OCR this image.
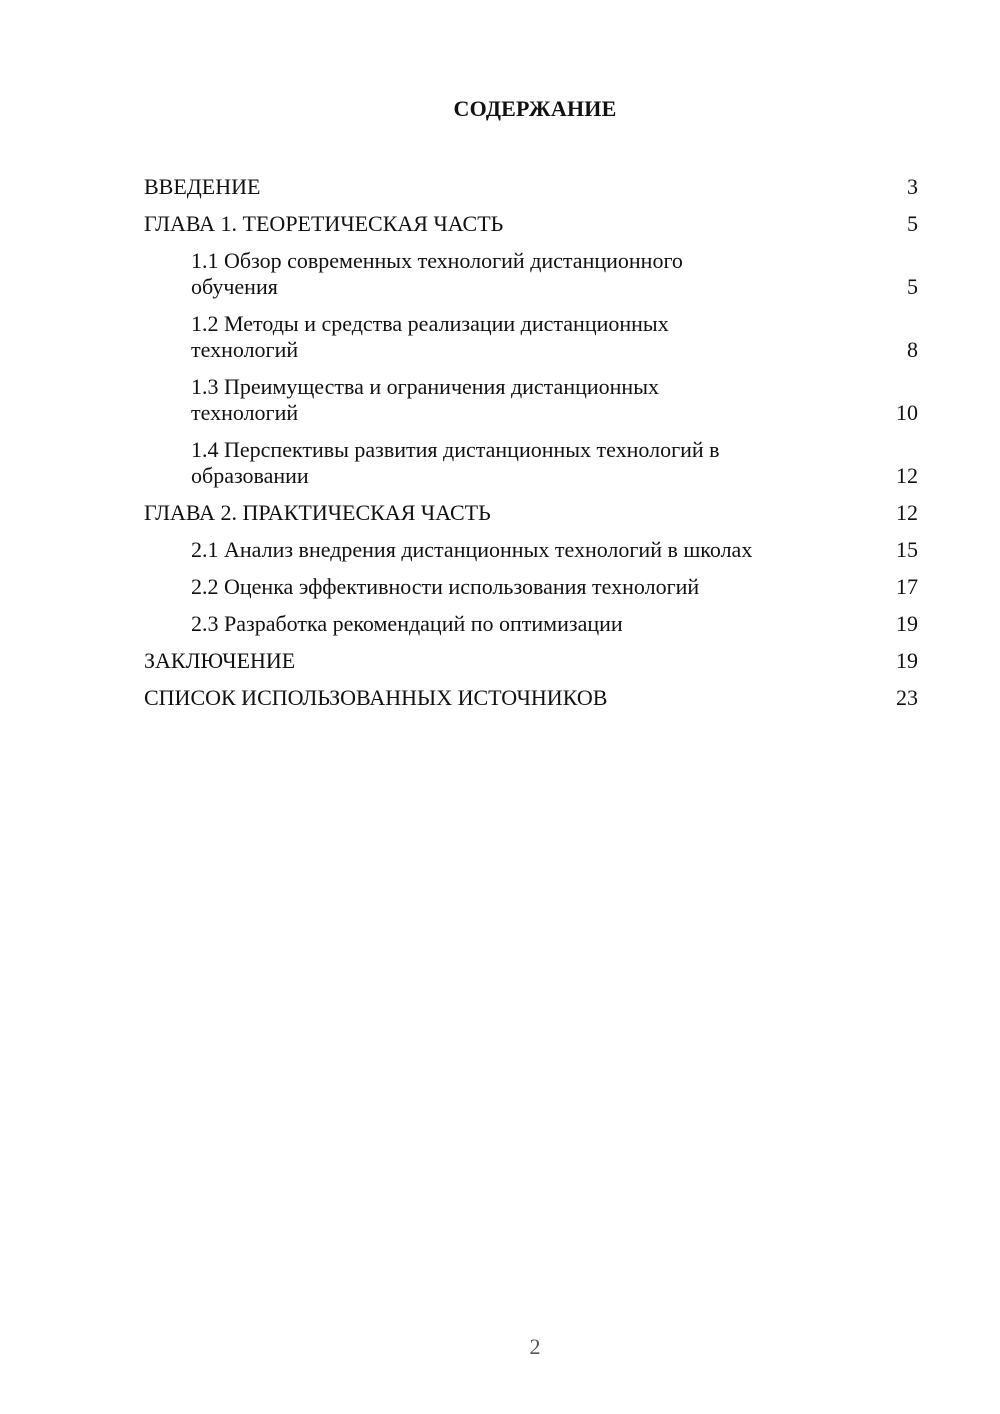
СОДЕРЖАНИЕ
ВВЕДЕНИЕ	3
ГЛАВА 1. ТЕОРЕТИЧЕСКАЯ ЧАСТЬ	5
1.1 Обзор современных технологий дистанционного обучения	5
1.2 Методы и средства реализации дистанционных технологий	8
1.3 Преимущества и ограничения дистанционных технологий	10
1.4 Перспективы развития дистанционных технологий в образовании	12
ГЛАВА 2. ПРАКТИЧЕСКАЯ ЧАСТЬ	12
2.1 Анализ внедрения дистанционных технологий в школах	15
2.2 Оценка эффективности использования технологий	17
2.3 Разработка рекомендаций по оптимизации	19
ЗАКЛЮЧЕНИЕ	19
СПИСОК ИСПОЛЬЗОВАННЫХ ИСТОЧНИКОВ	23
2
